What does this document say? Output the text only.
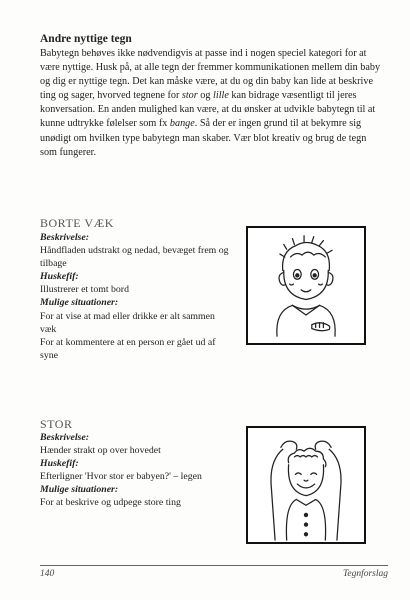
Andre nyttige tegn
Babytegn behøves ikke nødvendigvis at passe ind i nogen speciel kategori for at være nyttige. Husk på, at alle tegn der fremmer kommunikationen mellem din baby og dig er nyttige tegn. Det kan måske være, at du og din baby kan lide at beskrive ting og sager, hvorved tegnene for stor og lille kan bidrage væsentligt til jeres konversation. En anden mulighed kan være, at du ønsker at udvikle babytegn til at kunne udtrykke følelser som fx bange. Så der er ingen grund til at bekymre sig unødigt om hvilken type babytegn man skaber. Vær blot kreativ og brug de tegn som fungerer.
BORTE VÆK
Beskrivelse:
Håndfladen udstrakt og nedad, bevæget frem og tilbage
Huskefif:
Illustrerer et tomt bord
Mulige situationer:
For at vise at mad eller drikke er alt sammen væk
For at kommentere at en person er gået ud af syne
STOR
Beskrivelse:
Hænder strakt op over hovedet
Huskefif:
Efterligner 'Hvor stor er babyen?' – legen
Mulige situationer:
For at beskrive og udpege store ting
140	Tegnforslag
